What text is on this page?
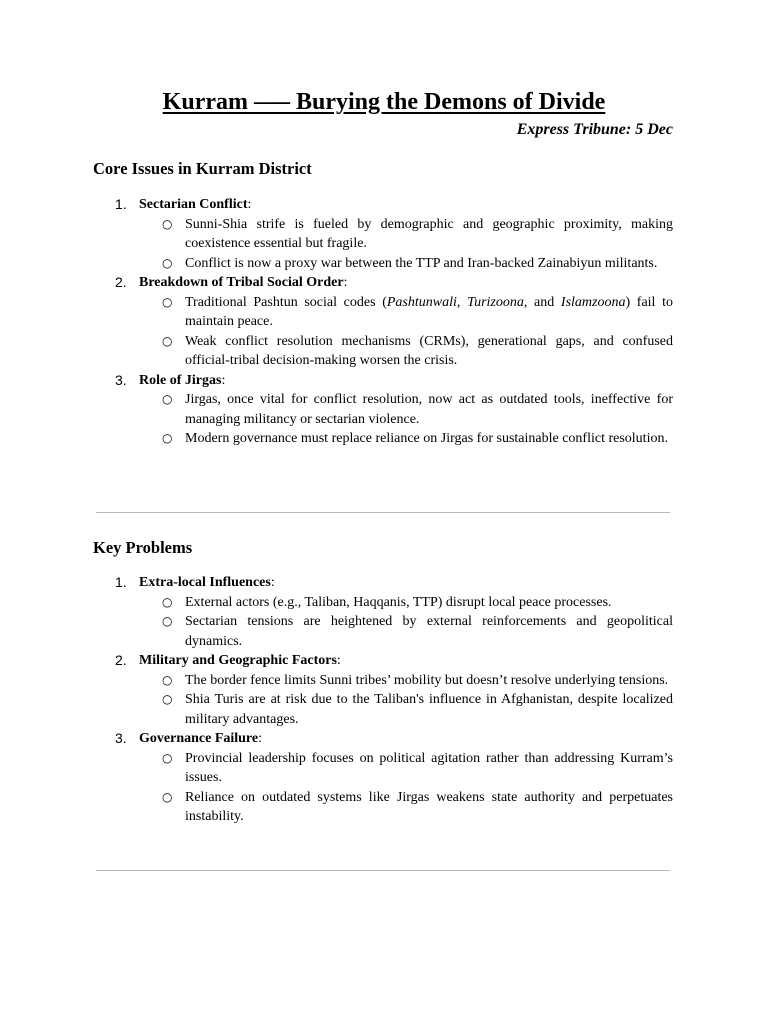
Kurram –— Burying the Demons of Divide
Express Tribune: 5 Dec
Core Issues in Kurram District
1. Sectarian Conflict:
○ Sunni-Shia strife is fueled by demographic and geographic proximity, making coexistence essential but fragile.
○ Conflict is now a proxy war between the TTP and Iran-backed Zainabiyun militants.
2. Breakdown of Tribal Social Order:
○ Traditional Pashtun social codes (Pashtunwali, Turizoona, and Islamzoona) fail to maintain peace.
○ Weak conflict resolution mechanisms (CRMs), generational gaps, and confused official-tribal decision-making worsen the crisis.
3. Role of Jirgas:
○ Jirgas, once vital for conflict resolution, now act as outdated tools, ineffective for managing militancy or sectarian violence.
○ Modern governance must replace reliance on Jirgas for sustainable conflict resolution.
Key Problems
1. Extra-local Influences:
○ External actors (e.g., Taliban, Haqqanis, TTP) disrupt local peace processes.
○ Sectarian tensions are heightened by external reinforcements and geopolitical dynamics.
2. Military and Geographic Factors:
○ The border fence limits Sunni tribes’ mobility but doesn’t resolve underlying tensions.
○ Shia Turis are at risk due to the Taliban's influence in Afghanistan, despite localized military advantages.
3. Governance Failure:
○ Provincial leadership focuses on political agitation rather than addressing Kurram’s issues.
○ Reliance on outdated systems like Jirgas weakens state authority and perpetuates instability.
